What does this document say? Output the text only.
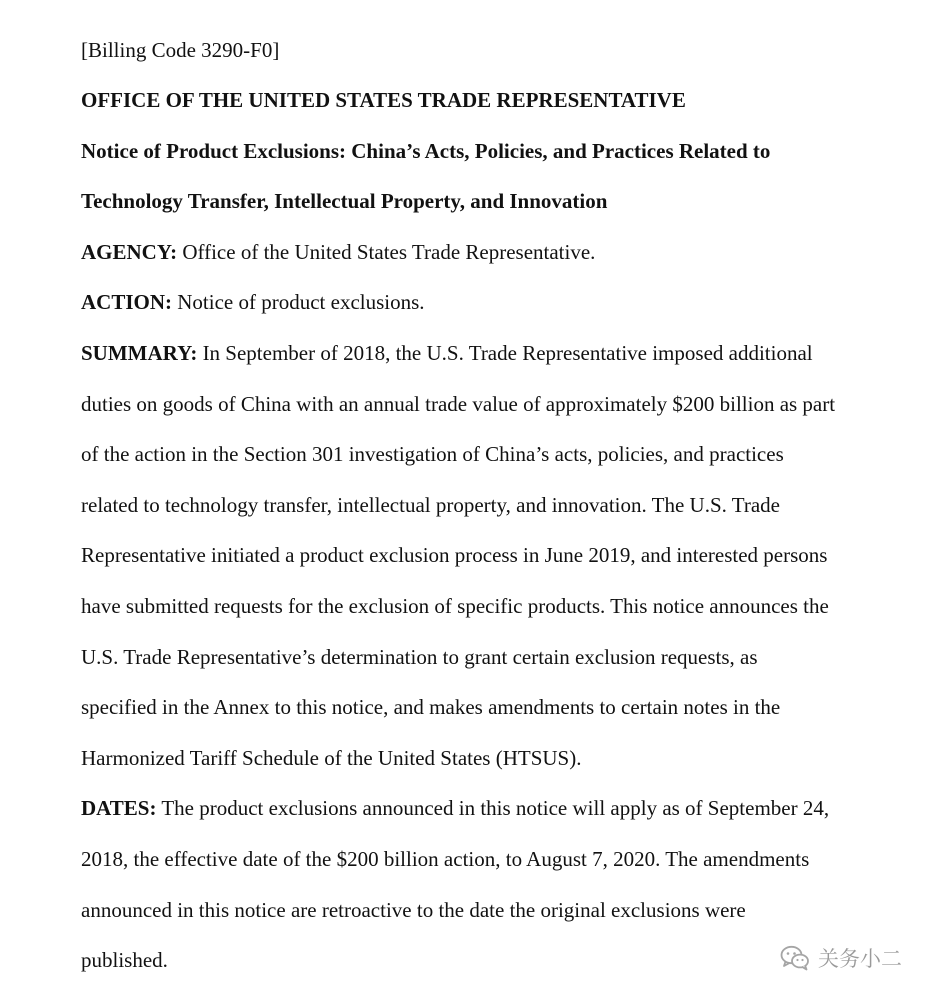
[Billing Code 3290-F0]
OFFICE OF THE UNITED STATES TRADE REPRESENTATIVE
Notice of Product Exclusions: China’s Acts, Policies, and Practices Related to
Technology Transfer, Intellectual Property, and Innovation
AGENCY: Office of the United States Trade Representative.
ACTION: Notice of product exclusions.
SUMMARY: In September of 2018, the U.S. Trade Representative imposed additional
duties on goods of China with an annual trade value of approximately $200 billion as part
of the action in the Section 301 investigation of China’s acts, policies, and practices
related to technology transfer, intellectual property, and innovation. The U.S. Trade
Representative initiated a product exclusion process in June 2019, and interested persons
have submitted requests for the exclusion of specific products. This notice announces the
U.S. Trade Representative’s determination to grant certain exclusion requests, as
specified in the Annex to this notice, and makes amendments to certain notes in the
Harmonized Tariff Schedule of the United States (HTSUS).
DATES: The product exclusions announced in this notice will apply as of September 24,
2018, the effective date of the $200 billion action, to August 7, 2020. The amendments
announced in this notice are retroactive to the date the original exclusions were
published.	关务小二
